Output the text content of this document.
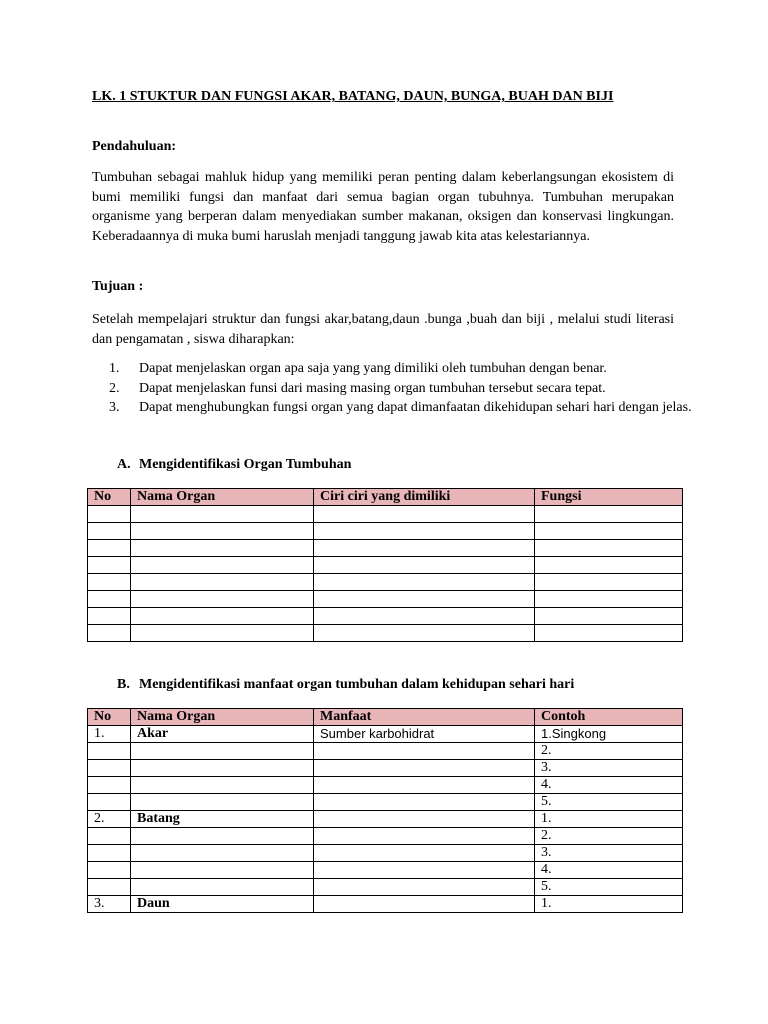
LK. 1 STUKTUR DAN FUNGSI AKAR, BATANG, DAUN, BUNGA, BUAH DAN BIJI
Pendahuluan:
Tumbuhan sebagai mahluk hidup yang memiliki peran penting dalam keberlangsungan ekosistem di bumi memiliki fungsi dan manfaat dari semua bagian organ tubuhnya. Tumbuhan merupakan organisme yang berperan dalam menyediakan sumber makanan, oksigen dan konservasi lingkungan. Keberadaannya di muka bumi haruslah menjadi tanggung jawab kita atas kelestariannya.
Tujuan :
Setelah mempelajari struktur dan fungsi akar,batang,daun .bunga ,buah dan biji , melalui studi literasi dan pengamatan , siswa diharapkan:
1. Dapat menjelaskan organ apa saja yang yang dimiliki oleh tumbuhan dengan benar.
2. Dapat menjelaskan funsi dari masing masing organ tumbuhan tersebut secara tepat.
3. Dapat menghubungkan fungsi organ yang dapat dimanfaatan dikehidupan sehari hari dengan jelas.
A. Mengidentifikasi Organ Tumbuhan
No	Nama Organ	Ciri ciri yang dimiliki	Fungsi

B. Mengidentifikasi manfaat organ tumbuhan dalam kehidupan sehari hari
No	Nama Organ	Manfaat	Contoh
1.	Akar	Sumber karbohidrat	1.Singkong
			2.
			3.
			4.
			5.
2.	Batang		1.
			2.
			3.
			4.
			5.
3.	Daun		1.
